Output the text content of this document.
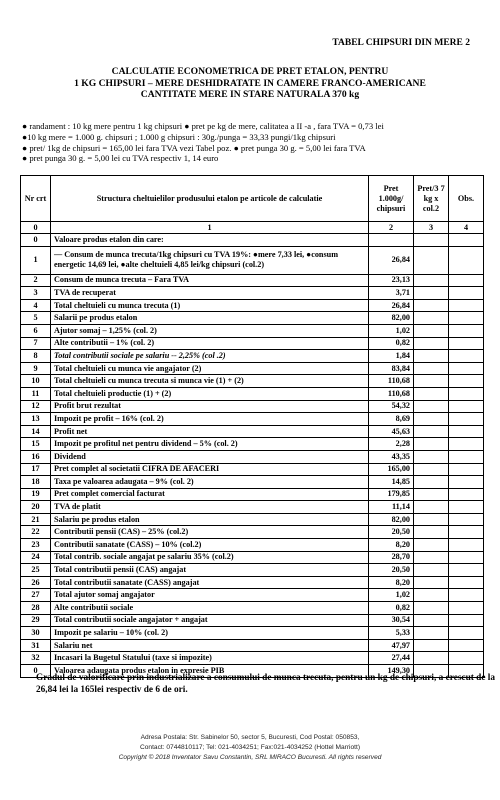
TABEL CHIPSURI DIN MERE 2
CALCULATIE ECONOMETRICA DE PRET ETALON, PENTRU
1 KG CHIPSURI – MERE DESHIDRATATE IN CAMERE FRANCO-AMERICANE
CANTITATE MERE IN STARE NATURALA 370 kg
● randament : 10 kg mere pentru 1 kg chipsuri ● pret pe kg de mere, calitatea a II -a , fara TVA = 0,73 lei
●10 kg mere = 1.000 g. chipsuri ; 1.000 g chipsuri : 30g./punga = 33,33 pungi/1kg chipsuri
● pret/ 1kg de chipsuri = 165,00 lei fara TVA vezi Tabel poz. ● pret punga 30 g. = 5,00 lei fara TVA
● pret punga 30 g. = 5,00 lei cu TVA respectiv 1, 14 euro
Nr crt	Structura cheltuielilor produsului etalon pe articole de calculatie	Pret 1.000g/ chipsuri	Pret/3 7 kg x col.2	Obs.
0	1	2	3	4
0	Valoare produs etalon din care:			
1	— Consum de munca trecuta/1kg chipsuri cu TVA 19%: ●mere 7,33 lei, ●consum energetic 14,69 lei, ●alte cheltuieli 4,85 lei/kg chipsuri (col.2)	26,84		
2	Consum de munca trecuta – Fara TVA	23,13		
3	TVA de recuperat	3,71		
4	Total cheltuieli cu munca trecuta (1)	26,84		
5	Salarii pe produs etalon	82,00		
6	Ajutor somaj – 1,25% (col. 2)	1,02		
7	Alte contributii – 1% (col. 2)	0,82		
8	Total contributii sociale pe salariu -- 2,25% (col .2)	1,84		
9	Total cheltuieli cu munca vie angajator (2)	83,84		
10	Total cheltuieli cu munca trecuta si munca vie (1) + (2)	110,68		
11	Total cheltuieli productie (1) + (2)	110,68		
12	Profit brut rezultat	54,32		
13	Impozit pe profit – 16% (col. 2)	8,69		
14	Profit net	45,63		
15	Impozit pe profitul net pentru dividend – 5% (col. 2)	2,28		
16	Dividend	43,35		
17	Pret complet al societatii CIFRA DE AFACERI	165,00		
18	Taxa pe valoarea adaugata – 9% (col. 2)	14,85		
19	Pret complet comercial facturat	179,85		
20	TVA de platit	11,14		
21	Salariu pe produs etalon	82,00		
22	Contributii pensii (CAS) – 25% (col.2)	20,50		
23	Contributii sanatate (CASS) – 10% (col.2)	8,20		
24	Total contrib. sociale angajat pe salariu 35% (col.2)	28,70		
25	Total contributii pensii (CAS) angajat	20,50		
26	Total contributii sanatate (CASS) angajat	8,20		
27	Total ajutor somaj angajator	1,02		
28	Alte contributii sociale	0,82		
29	Total contributii sociale angajator + angajat	30,54		
30	Impozit pe salariu – 10% (col. 2)	5,33		
31	Salariu net	47,97		
32	Incasari la Bugetul Statului (taxe si impozite)	27,44		
0	Valoarea adaugata produs etalon in expresie PIB	149,30		
Gradul de valorificare prin industrializare a consumului de munca trecuta, pentru un kg de chipsuri, a crescut de la 26,84 lei la 165lei respectiv de 6 de ori.
Adresa Postala: Str. Sabinelor 50, sector 5, Bucuresti, Cod Postal: 050853,
Contact: 0744810117; Tel: 021-4034251; Fax:021-4034252 (Hottel Marriott)
Copyright © 2018 Inventator Savu Constantin, SRL MIRACO Bucuresti. All rights reserved
